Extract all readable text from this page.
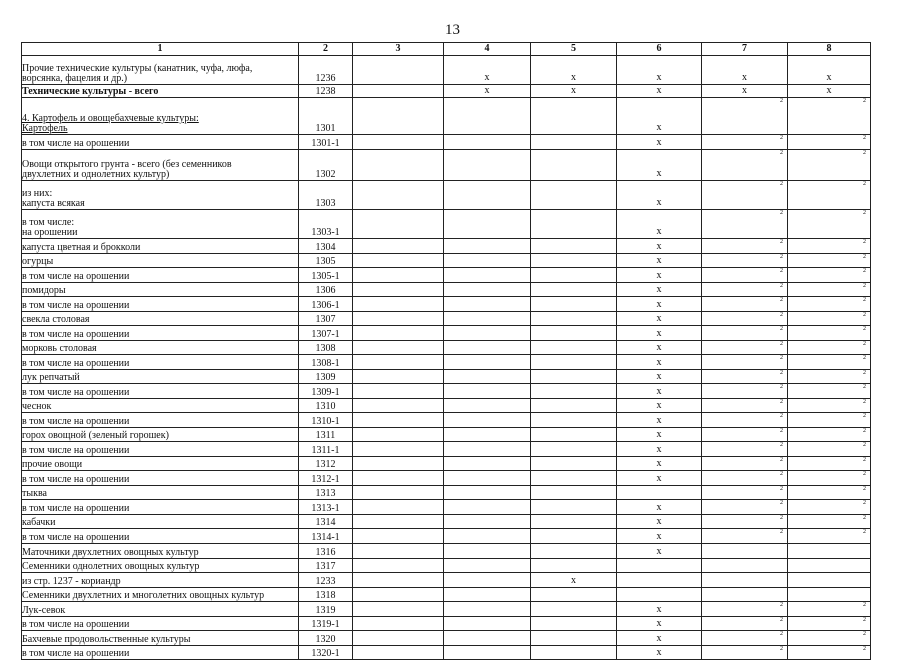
13
1	2	3	4	5	6	7	8
Прочие технические культуры (канатник, чуфа, люфа,
ворсянка, фацелия и др.)	1236		x	x	x	x	x

Технические культуры - всего	1238		x	x	x	x	x

4. Картофель и овощебахчевые культуры:
Картофель	1301				x	2	2

в том числе на орошении	1301-1				x	2	2

Овощи открытого грунта - всего (без семенников
двухлетних и однолетних культур)	1302				x	2	2

из них:
капуста всякая	1303				x	2	2

в том числе:
на орошении	1303-1				x	2	2

капуста цветная и брокколи	1304				x	2	2

огурцы	1305				x	2	2

в том числе на орошении	1305-1				x	2	2

помидоры	1306				x	2	2

в том числе на орошении	1306-1				x	2	2

свекла столовая	1307				x	2	2

в том числе на орошении	1307-1				x	2	2

морковь столовая	1308				x	2	2

в том числе на орошении	1308-1				x	2	2

лук репчатый	1309				x	2	2

в том числе на орошении	1309-1				x	2	2

чеснок	1310				x	2	2

в том числе на орошении	1310-1				x	2	2

горох овощной (зеленый горошек)	1311				x	2	2

в том числе на орошении	1311-1				x	2	2

прочие овощи	1312				x	2	2

в том числе на орошении	1312-1				x	2	2

тыква	1313					2	2

в том числе на орошении	1313-1				x	2	2

кабачки	1314				x	2	2

в том числе на орошении	1314-1				x	2	2

Маточники двухлетних овощных культур	1316				x		

Семенники однолетних овощных культур	1317						
из стр. 1237 - кориандр	1233			x			

Семенники двухлетних и многолетних овощных культур	1318						
Лук-севок	1319				x	2	2

в том числе на орошении	1319-1				x	2	2

Бахчевые продовольственные культуры	1320				x	2	2

в том числе на орошении	1320-1				x	2	2
